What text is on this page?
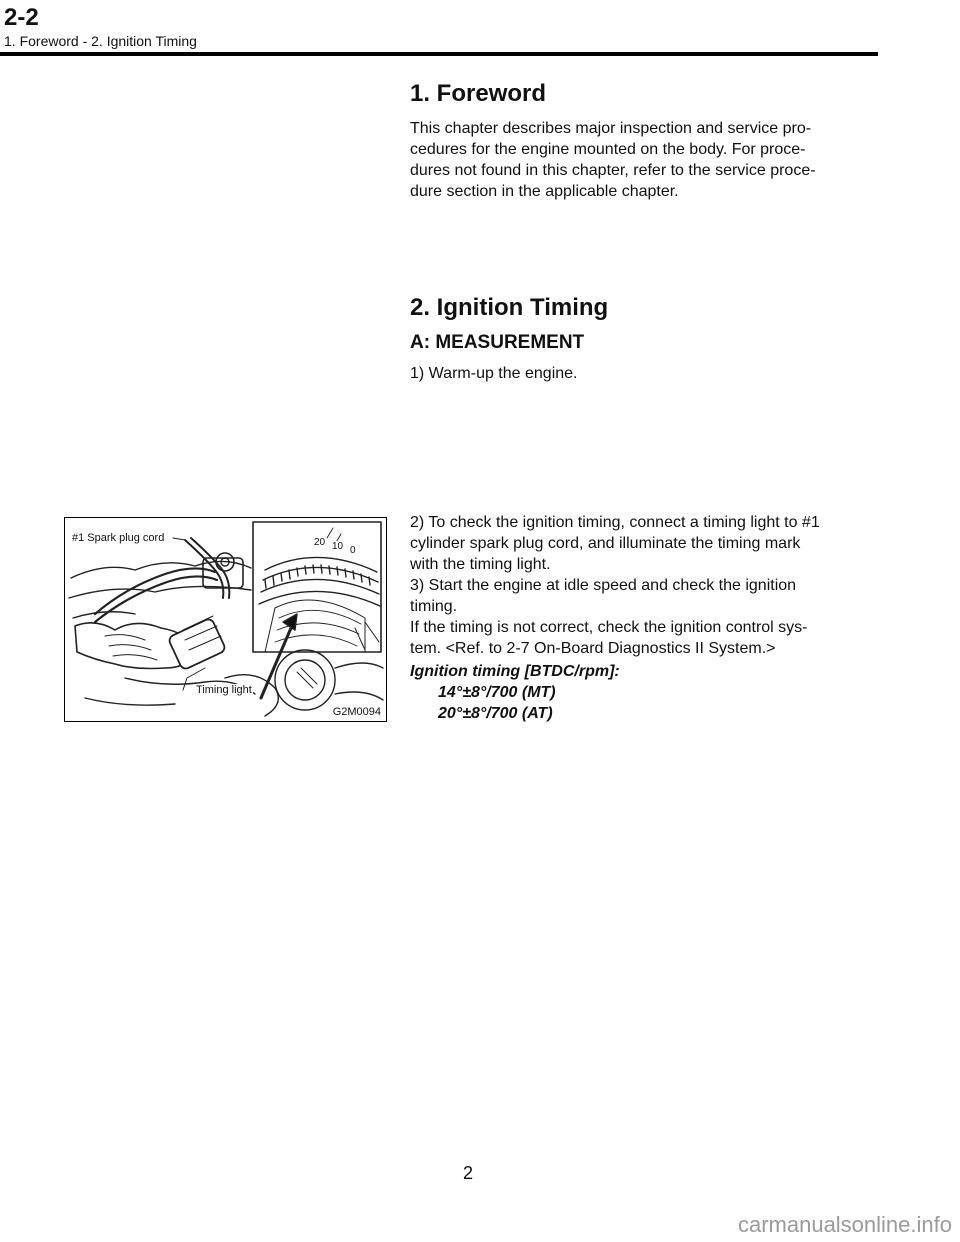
2-2
1. Foreword - 2. Ignition Timing
1. Foreword

This chapter describes major inspection and service pro-

cedures for the engine mounted on the body. For proce-

dures not found in this chapter, refer to the service proce-

dure section in the applicable chapter.

2. Ignition Timing
A: MEASUREMENT

1) Warm-up the engine.

2) To check the ignition timing, connect a timing light to #1

cylinder spark plug cord, and illuminate the timing mark

with the timing light.

3) Start the engine at idle speed and check the ignition

timing.

If the timing is not correct, check the ignition control sys-

tem. <Ref. to 2-7 On-Board Diagnostics II System.>

Ignition timing [BTDC/rpm]:
14°±8°/700 (MT)
20°±8°/700 (AT)
#1 Spark plug cord
Timing light
20 10 0
G2M0094
2
carmanualsonline.info
